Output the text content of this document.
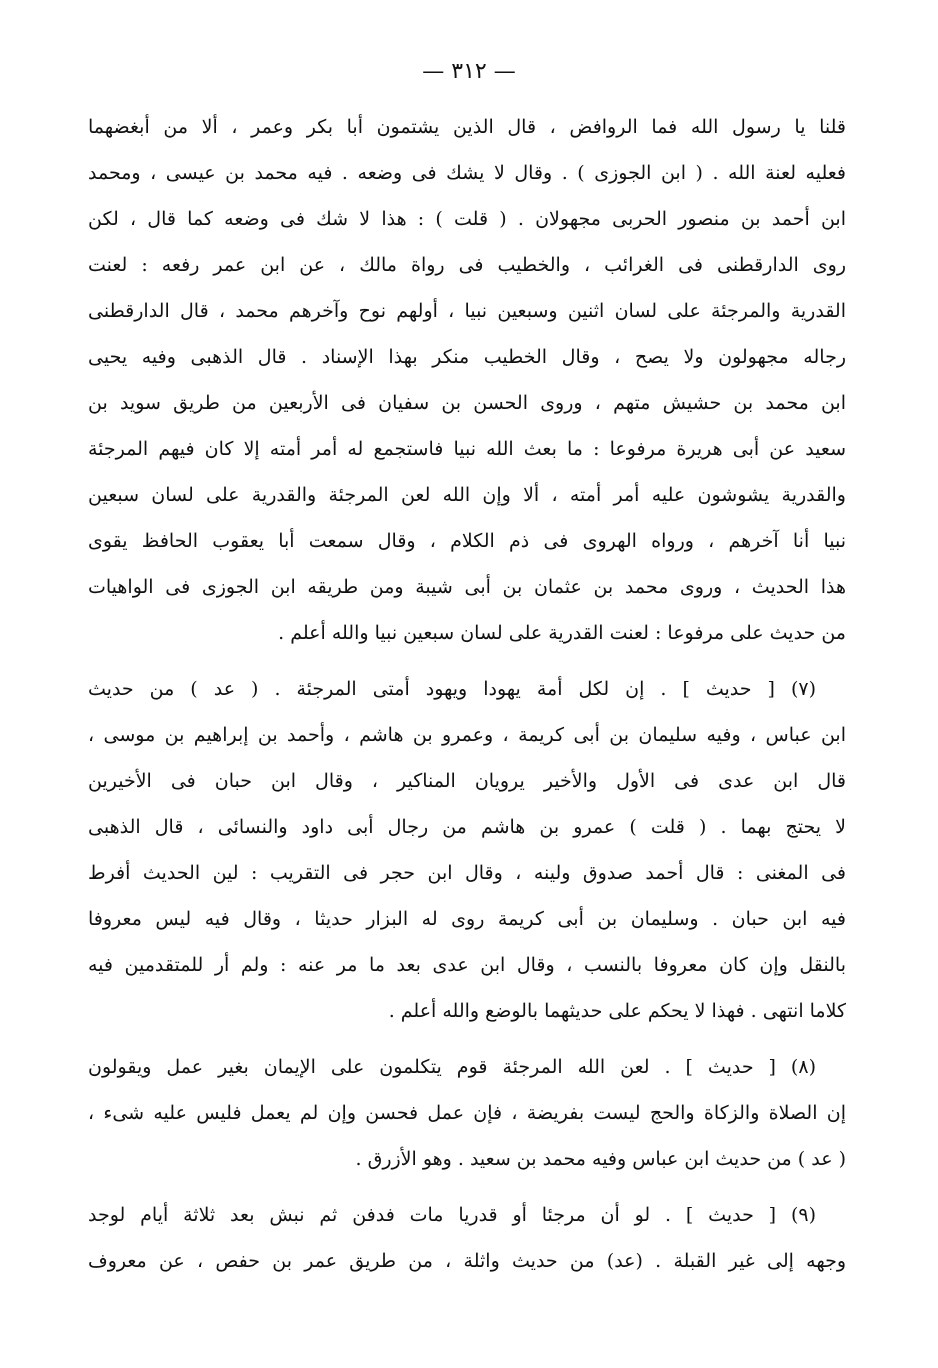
— ٣١٢ —
قلنا يا رسول الله فما الروافض ، قال الذين يشتمون أبا بكر وعمر ، ألا من أبغضهما
فعليه لعنة الله . ( ابن الجوزى ) . وقال لا يشك فى وضعه . فيه محمد بن عيسى ، ومحمد
ابن أحمد بن منصور الحربى مجهولان . ( قلت ) : هذا لا شك فى وضعه كما قال ، لكن
روى الدارقطنى فى الغرائب ، والخطيب فى رواة مالك ، عن ابن عمر رفعه : لعنت
القدرية والمرجئة على لسان اثنين وسبعين نبيا ، أولهم نوح وآخرهم محمد ، قال الدارقطنى
رجاله مجهولون ولا يصح ، وقال الخطيب منكر بهذا الإسناد . قال الذهبى وفيه يحيى
ابن محمد بن حشيش متهم ، وروى الحسن بن سفيان فى الأربعين من طريق سويد بن
سعيد عن أبى هريرة مرفوعا : ما بعث الله نبيا فاستجمع له أمر أمته إلا كان فيهم المرجئة
والقدرية يشوشون عليه أمر أمته ، ألا وإن الله لعن المرجئة والقدرية على لسان سبعين
نبيا أنا آخرهم ، ورواه الهروى فى ذم الكلام ، وقال سمعت أبا يعقوب الحافظ يقوى
هذا الحديث ، وروى محمد بن عثمان بن أبى شيبة ومن طريقه ابن الجوزى فى الواهيات
من حديث على مرفوعا : لعنت القدرية على لسان سبعين نبيا والله أعلم .
(٧) [ حديث ] . إن لكل أمة يهودا ويهود أمتى المرجئة . ( عد ) من حديث
ابن عباس ، وفيه سليمان بن أبى كريمة ، وعمرو بن هاشم ، وأحمد بن إبراهيم بن موسى ،
قال ابن عدى فى الأول والأخير يرويان المناكير ، وقال ابن حبان فى الأخيرين
لا يحتج بهما . ( قلت ) عمرو بن هاشم من رجال أبى داود والنسائى ، قال الذهبى
فى المغنى : قال أحمد صدوق ولينه ، وقال ابن حجر فى التقريب : لين الحديث أفرط
فيه ابن حبان . وسليمان بن أبى كريمة روى له البزار حديثا ، وقال فيه ليس معروفا
بالنقل وإن كان معروفا بالنسب ، وقال ابن عدى بعد ما مر عنه : ولم أر للمتقدمين فيه
كلاما انتهى . فهذا لا يحكم على حديثهما بالوضع والله أعلم .
(٨) [ حديث ] . لعن الله المرجئة قوم يتكلمون على الإيمان بغير عمل ويقولون
إن الصلاة والزكاة والحج ليست بفريضة ، فإن عمل فحسن وإن لم يعمل فليس عليه شىء ،
( عد ) من حديث ابن عباس وفيه محمد بن سعيد . وهو الأزرق .
(٩) [ حديث ] . لو أن مرجئا أو قدريا مات فدفن ثم نبش بعد ثلاثة أيام لوجد
وجهه إلى غير القبلة . (عد) من حديث واثلة ، من طريق عمر بن حفص ، عن معروف
